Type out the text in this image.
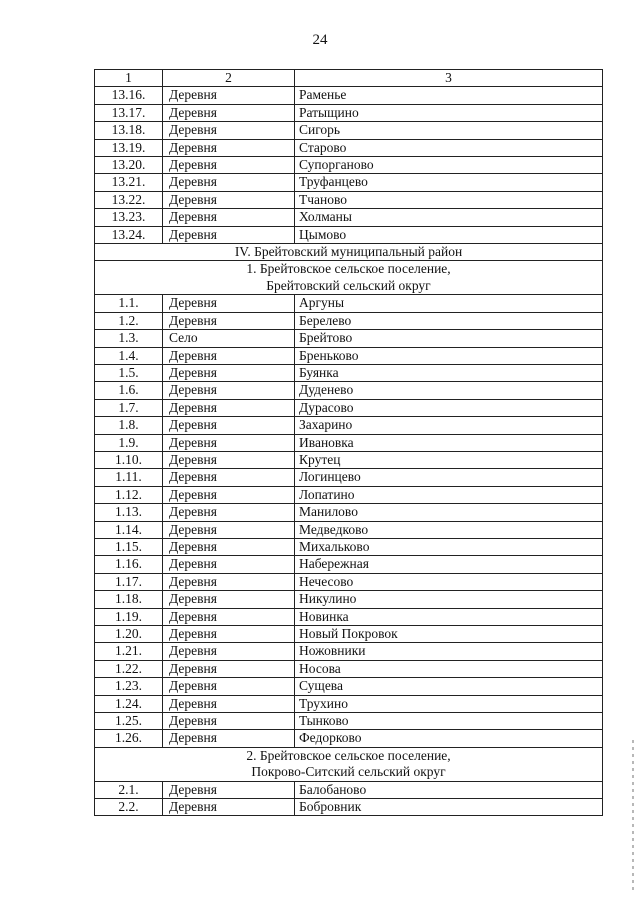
24
1	2	3
13.16.	Деревня	Раменье
13.17.	Деревня	Ратыщино
13.18.	Деревня	Сигорь
13.19.	Деревня	Старово
13.20.	Деревня	Супорганово
13.21.	Деревня	Труфанцево
13.22.	Деревня	Тчаново
13.23.	Деревня	Холманы
13.24.	Деревня	Цымово
IV. Брейтовский муниципальный район		
1. Брейтовское сельское поселение,		
Брейтовский сельский округ		
1.1.	Деревня	Аргуны
1.2.	Деревня	Берелево
1.3.	Село	Брейтово
1.4.	Деревня	Бреньково
1.5.	Деревня	Буянка
1.6.	Деревня	Дуденево
1.7.	Деревня	Дурасово
1.8.	Деревня	Захарино
1.9.	Деревня	Ивановка
1.10.	Деревня	Крутец
1.11.	Деревня	Логинцево
1.12.	Деревня	Лопатино
1.13.	Деревня	Манилово
1.14.	Деревня	Медведково
1.15.	Деревня	Михальково
1.16.	Деревня	Набережная
1.17.	Деревня	Нечесово
1.18.	Деревня	Никулино
1.19.	Деревня	Новинка
1.20.	Деревня	Новый Покровок
1.21.	Деревня	Ножовники
1.22.	Деревня	Носова
1.23.	Деревня	Сущева
1.24.	Деревня	Трухино
1.25.	Деревня	Тынково
1.26.	Деревня	Федорково
2. Брейтовское сельское поселение,		
Покрово-Ситский сельский округ		
2.1.	Деревня	Балобаново
2.2.	Деревня	Бобровник
